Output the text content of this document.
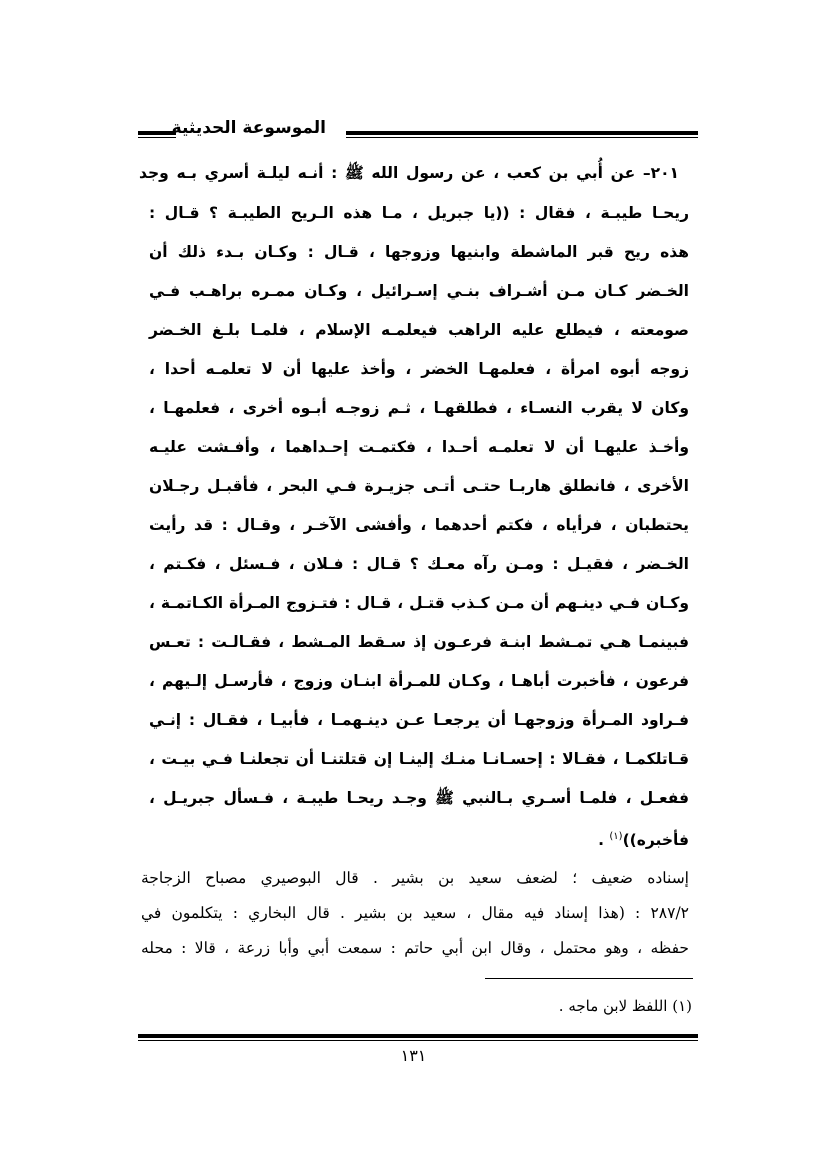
الموسوعة الحديثية
٢٠١– عن أُبي بن كعب ، عن رسول الله ﷺ : أنـه ليلـة أسري بـه وجد
ريحـا طيبـة ، فقال : ((يا جبريل ، مـا هذه الـريح الطيبـة ؟ قـال :
هذه ريح قبر الماشطة وابنيها وزوجها ، قـال : وكـان بـدء ذلك أن
الخـضر كـان مـن أشـراف بنـي إسـرائيل ، وكـان ممـره براهـب فـي
صومعته ، فيطلع عليه الراهب فيعلمـه الإسلام ، فلمـا بلـغ الخـضر
زوجه أبوه امرأة ، فعلمهـا الخضر ، وأخذ عليها أن لا تعلمـه أحدا ،
وكان لا يقرب النسـاء ، فطلقهـا ، ثـم زوجـه أبـوه أخرى ، فعلمهـا ،
وأخـذ عليهـا أن لا تعلمـه أحـدا ، فكتمـت إحـداهما ، وأفـشت عليـه
الأخرى ، فانطلق هاربـا حتـى أتـى جزيـرة فـي البحر ، فأقبـل رجـلان
يحتطبان ، فرأياه ، فكتم أحدهما ، وأفشى الآخـر ، وقـال : قد رأيت
الخـضر ، فقيـل : ومـن رآه معـك ؟ قـال : فـلان ، فـسئل ، فكـتم ،
وكـان فـي دينـهم أن مـن كـذب قتـل ، قـال : فتـزوج المـرأة الكـاتمـة ،
فبينمـا هـي تمـشط ابنـة فرعـون إذ سـقط المـشط ، فقـالـت : تعـس
فرعون ، فأخبرت أباهـا ، وكـان للمـرأة ابنـان وزوج ، فأرسـل إلـيهم ،
فـراود المـرأة وزوجهـا أن يرجعـا عـن دينـهمـا ، فأبيـا ، فقـال : إنـي
قـاتلكمـا ، فقـالا : إحسـانـا منـك إلينـا إن قتلتنـا أن تجعلنـا فـي بيـت ،
ففعـل ، فلمـا أسـري بـالنبي ﷺ وجـد ريحـا طيبـة ، فـسأل جبريـل ،
فأخبره))$^{(١)}$ .
إسناده ضعيف ؛ لضعف سعيد بن بشير . قال البوصيري مصباح الزجاجة
٢٨٧/٢ : (هذا إسناد فيه مقال ، سعيد بن بشير . قال البخاري : يتكلمون في
حفظه ، وهو محتمل ، وقال ابن أبي حاتم : سمعت أبي وأبا زرعة ، قالا : محله
(١) اللفظ لابن ماجه .
١٣١
